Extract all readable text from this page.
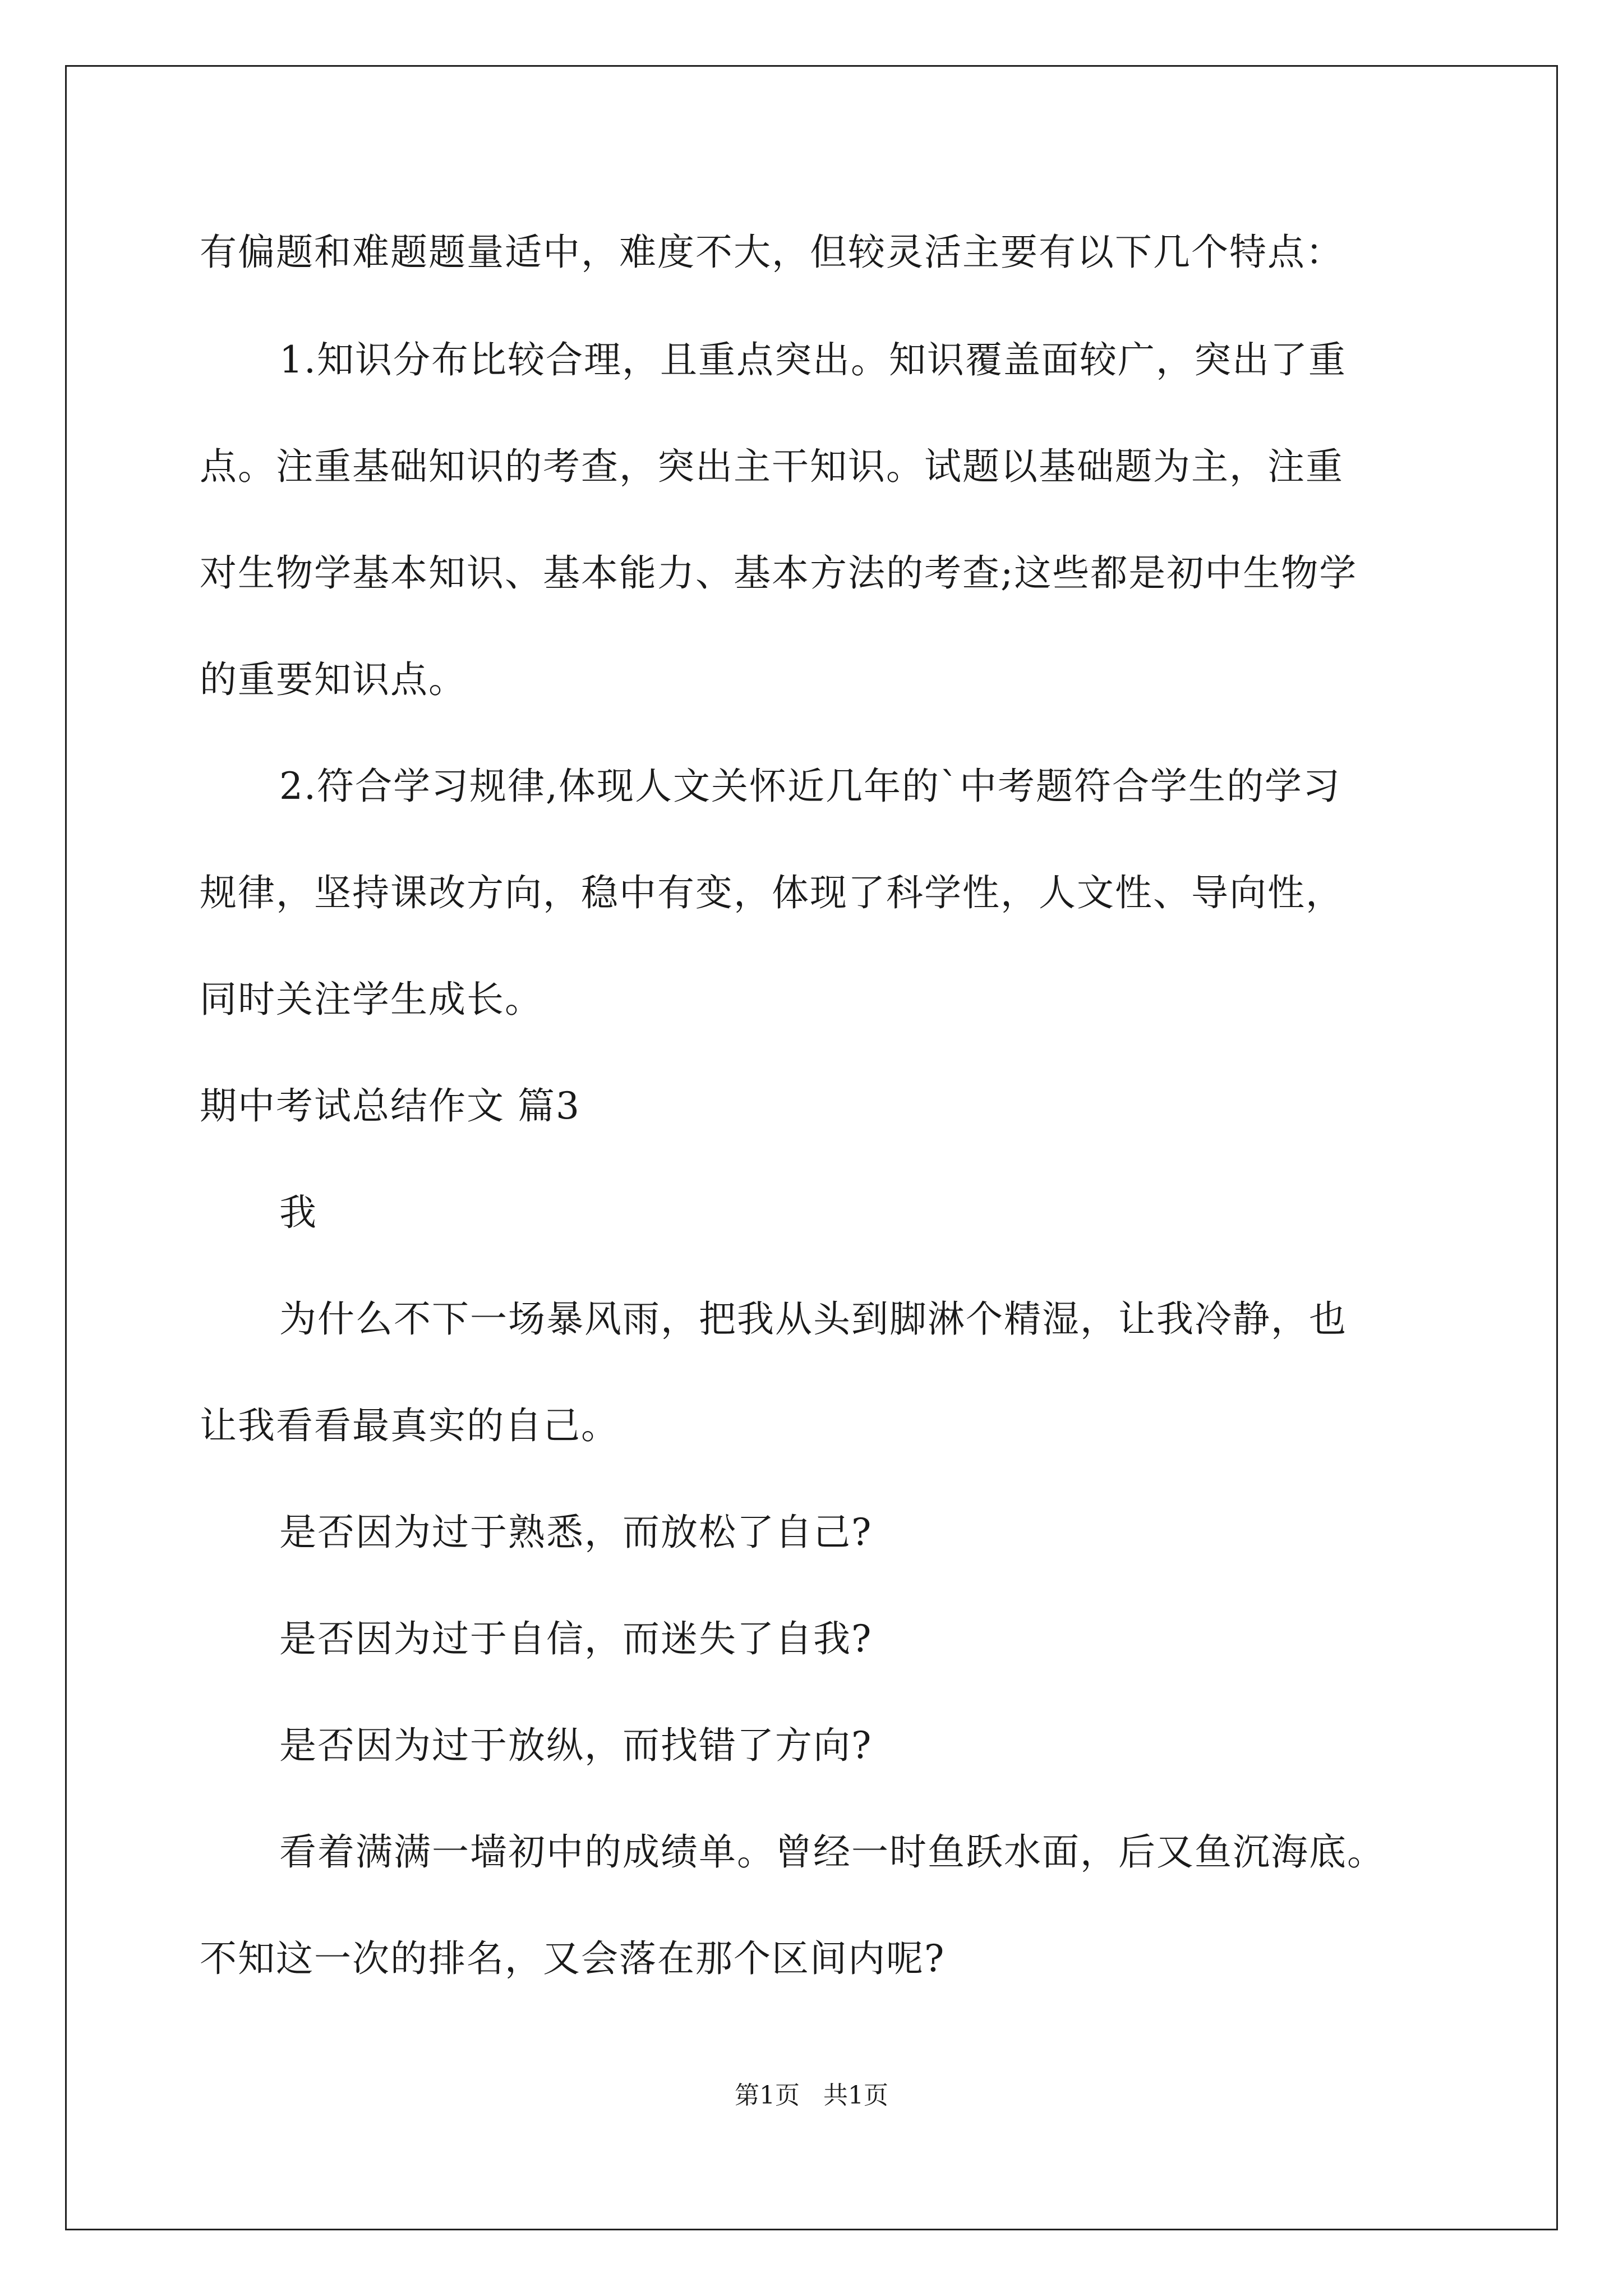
有偏题和难题题量适中，难度不大，但较灵活主要有以下几个特点：
1.知识分布比较合理，且重点突出。知识覆盖面较广，突出了重
点。注重基础知识的考查，突出主干知识。试题以基础题为主，注重
对生物学基本知识、基本能力、基本方法的考查;这些都是初中生物学
的重要知识点。
2.符合学习规律,体现人文关怀近几年的`中考题符合学生的学习
规律，坚持课改方向，稳中有变，体现了科学性，人文性、导向性，
同时关注学生成长。
期中考试总结作文 篇3
我
为什么不下一场暴风雨，把我从头到脚淋个精湿，让我冷静，也
让我看看最真实的自己。
是否因为过于熟悉，而放松了自己?
是否因为过于自信，而迷失了自我?
是否因为过于放纵，而找错了方向?
看着满满一墙初中的成绩单。曾经一时鱼跃水面，后又鱼沉海底。
不知这一次的排名，又会落在那个区间内呢?
第1页 共1页
